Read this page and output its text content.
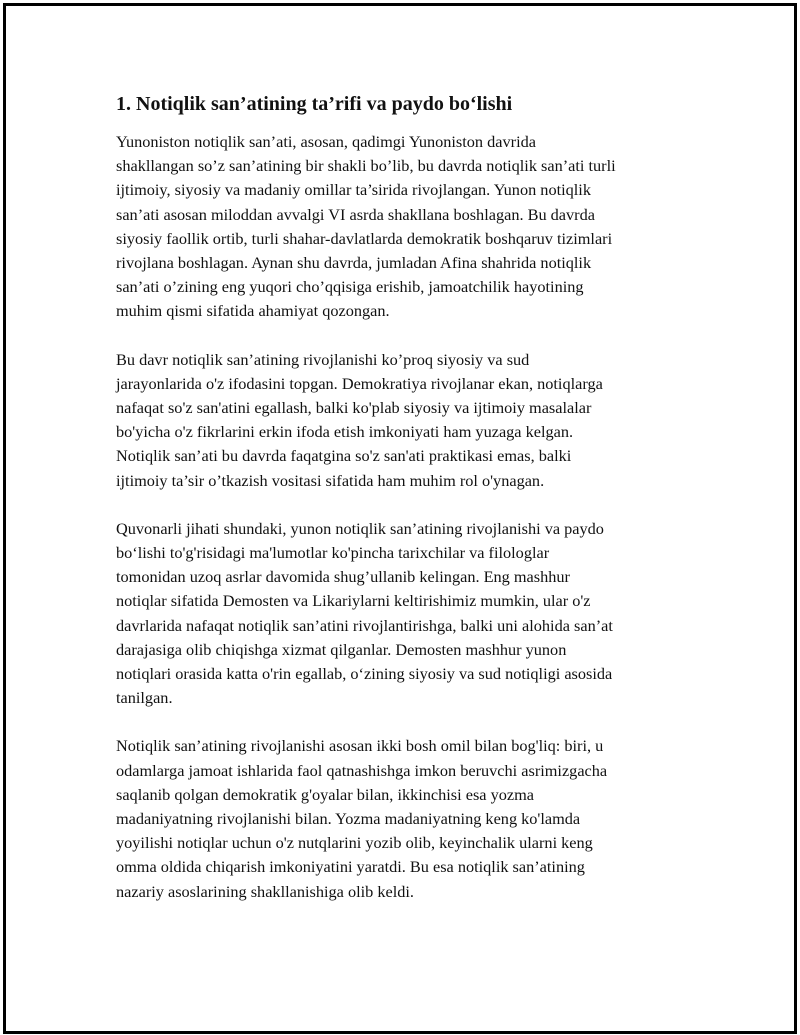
1. Notiqlik san’atining ta’rifi va paydo bo‘lishi
Yunoniston notiqlik san’ati, asosan, qadimgi Yunoniston davrida
shakllangan so’z san’atining bir shakli bo’lib, bu davrda notiqlik san’ati turli
ijtimoiy, siyosiy va madaniy omillar ta’sirida rivojlangan. Yunon notiqlik
san’ati asosan miloddan avvalgi VI asrda shakllana boshlagan. Bu davrda
siyosiy faollik ortib, turli shahar-davlatlarda demokratik boshqaruv tizimlari
rivojlana boshlagan. Aynan shu davrda, jumladan Afina shahrida notiqlik
san’ati o’zining eng yuqori cho’qqisiga erishib, jamoatchilik hayotining
muhim qismi sifatida ahamiyat qozongan.
Bu davr notiqlik san’atining rivojlanishi ko’proq siyosiy va sud
jarayonlarida o'z ifodasini topgan. Demokratiya rivojlanar ekan, notiqlarga
nafaqat so'z san'atini egallash, balki ko'plab siyosiy va ijtimoiy masalalar
bo'yicha o'z fikrlarini erkin ifoda etish imkoniyati ham yuzaga kelgan.
Notiqlik san’ati bu davrda faqatgina so'z san'ati praktikasi emas, balki
ijtimoiy ta’sir o’tkazish vositasi sifatida ham muhim rol o'ynagan.
Quvonarli jihati shundaki, yunon notiqlik san’atining rivojlanishi va paydo
bo‘lishi to'g'risidagi ma'lumotlar ko'pincha tarixchilar va filologlar
tomonidan uzoq asrlar davomida shug’ullanib kelingan. Eng mashhur
notiqlar sifatida Demosten va Likariylarni keltirishimiz mumkin, ular o'z
davrlarida nafaqat notiqlik san’atini rivojlantirishga, balki uni alohida san’at
darajasiga olib chiqishga xizmat qilganlar. Demosten mashhur yunon
notiqlari orasida katta o'rin egallab, o‘zining siyosiy va sud notiqligi asosida
tanilgan.
Notiqlik san’atining rivojlanishi asosan ikki bosh omil bilan bog'liq: biri, u
odamlarga jamoat ishlarida faol qatnashishga imkon beruvchi asrimizgacha
saqlanib qolgan demokratik g'oyalar bilan, ikkinchisi esa yozma
madaniyatning rivojlanishi bilan. Yozma madaniyatning keng ko'lamda
yoyilishi notiqlar uchun o'z nutqlarini yozib olib, keyinchalik ularni keng
omma oldida chiqarish imkoniyatini yaratdi. Bu esa notiqlik san’atining
nazariy asoslarining shakllanishiga olib keldi.
